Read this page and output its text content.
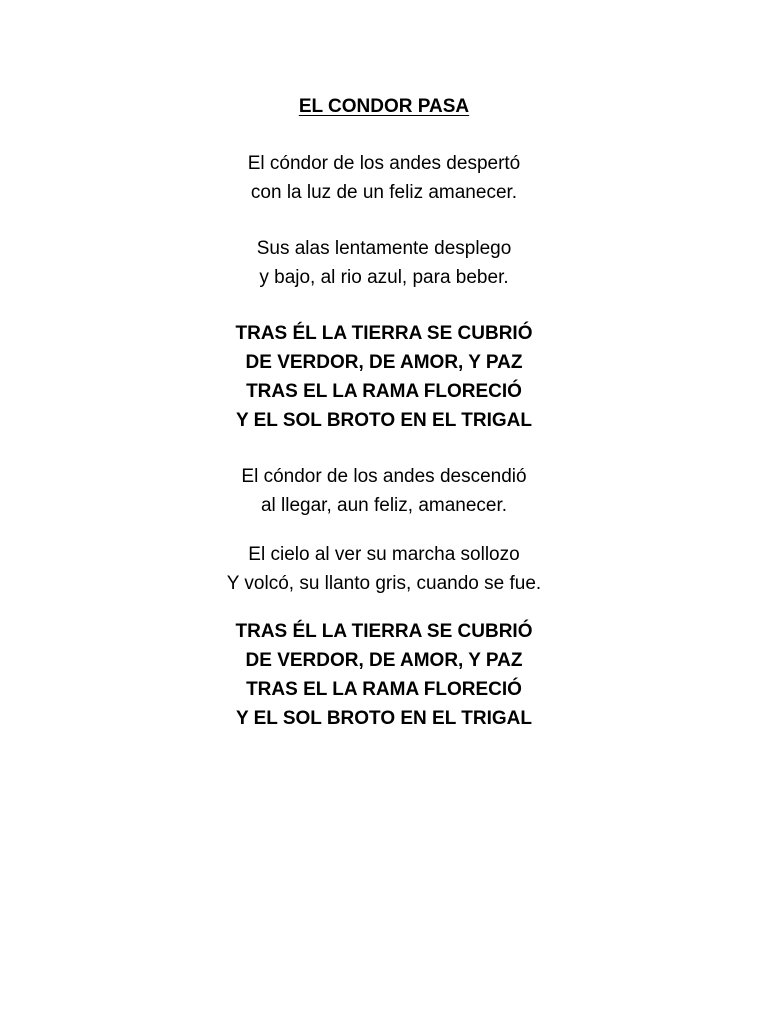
EL CONDOR PASA
El cóndor de los andes despertó
con la luz de un feliz amanecer.
Sus alas lentamente desplego
y bajo, al rio azul, para beber.
TRAS ÉL LA TIERRA SE CUBRIÓ
DE VERDOR, DE AMOR, Y PAZ
TRAS EL LA RAMA FLORECIÓ
Y EL SOL BROTO EN EL TRIGAL
El cóndor de los andes descendió
al llegar, aun feliz, amanecer.
El cielo al ver su marcha sollozo
Y volcó, su llanto gris, cuando se fue.
TRAS ÉL LA TIERRA SE CUBRIÓ
DE VERDOR, DE AMOR, Y PAZ
TRAS EL LA RAMA FLORECIÓ
Y EL SOL BROTO EN EL TRIGAL
